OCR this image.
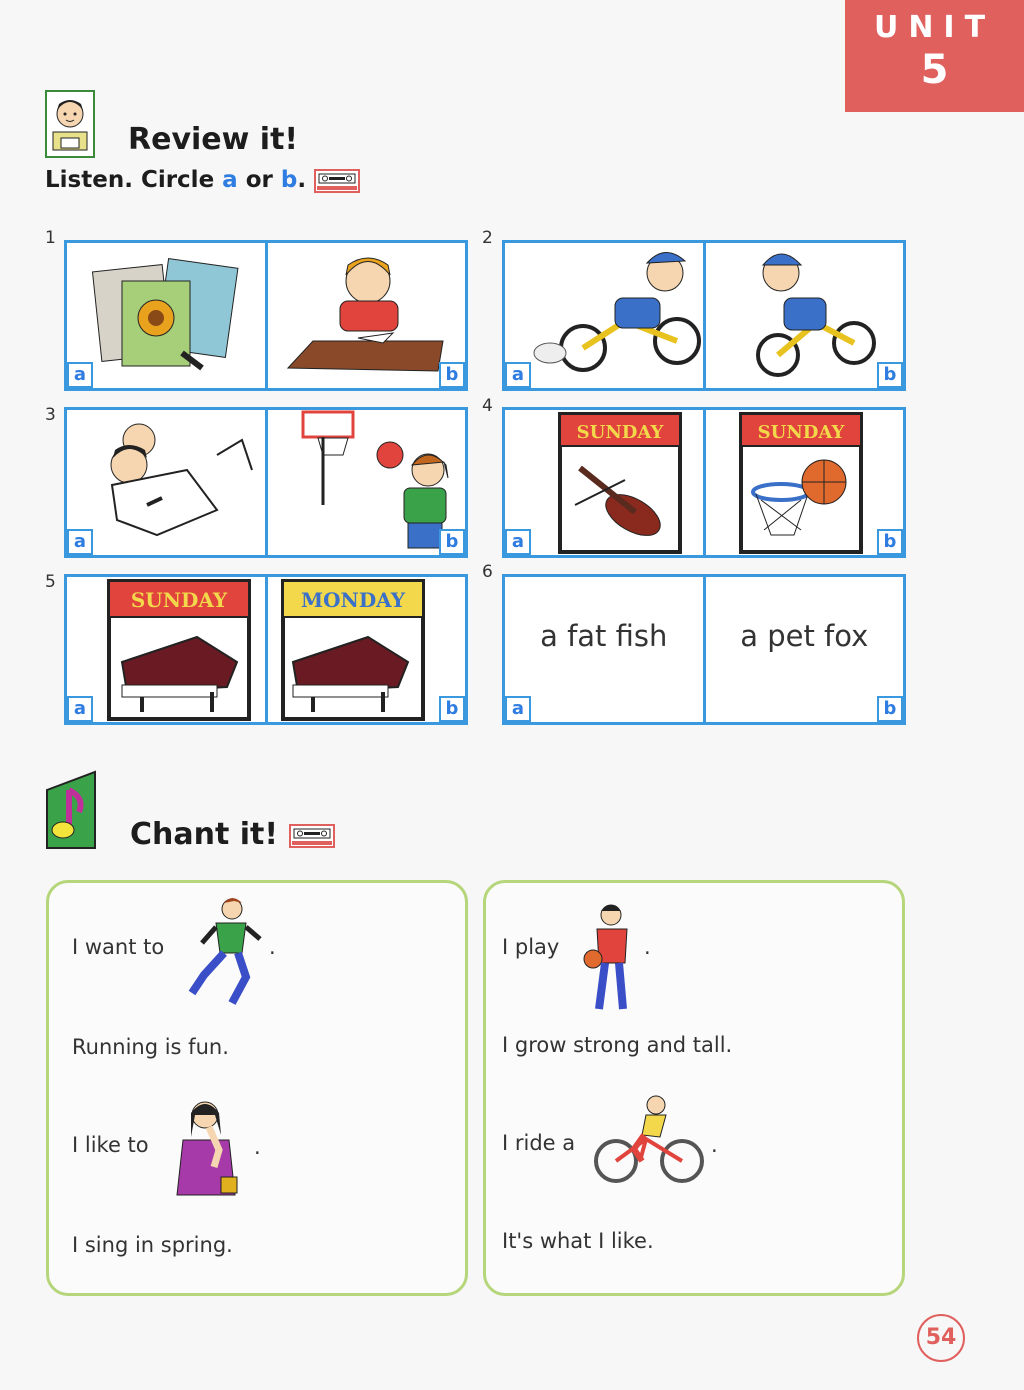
UNIT
5
Review it!
Listen. Circle a or b.
1
a	b
2
a	b
3
a	b
4
SUNDAY
a
SUNDAY
b
5
SUNDAY
a
MONDAY
b
6
a fat fish
a
a pet fox
b
Chant it!
I want to	.
Running is fun.
I like to	.
I sing in spring.
I play	.
I grow strong and tall.
I ride a	.
It's what I like.
54
